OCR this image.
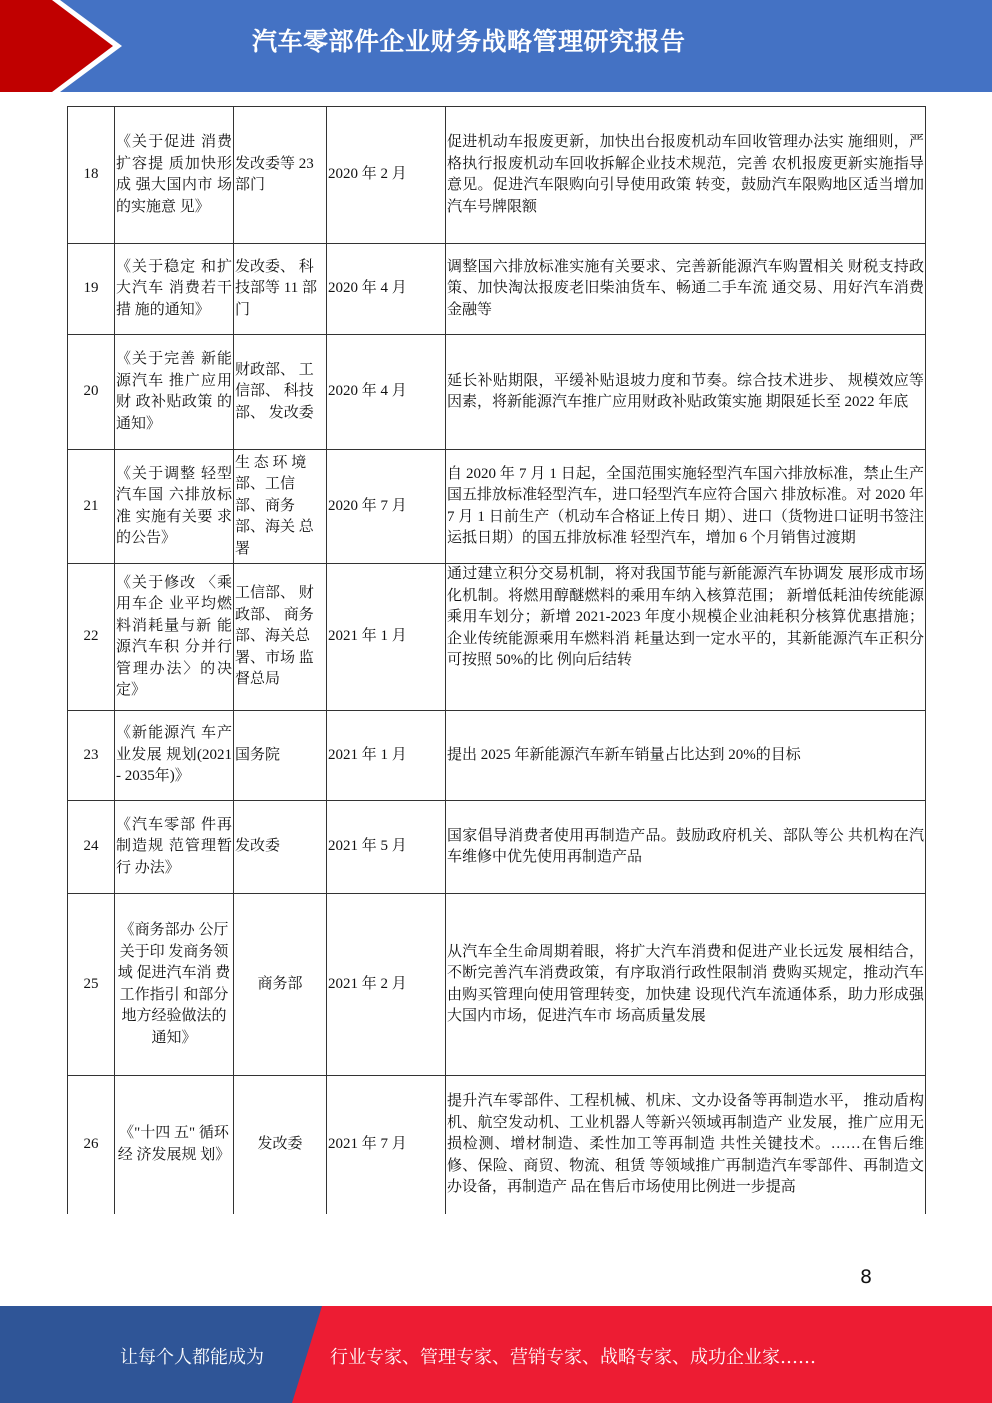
汽车零部件企业财务战略管理研究报告
18	《关于促进 消费扩容提 质加快形成 强大国内市 场的实施意 见》	发改委等 23 部门	2020 年 2 月	促进机动车报废更新，加快出台报废机动车回收管理办法实 施细则，严格执行报废机动车回收拆解企业技术规范，完善 农机报废更新实施指导意见。促进汽车限购向引导使用政策 转变，鼓励汽车限购地区适当增加汽车号牌限额
19	《关于稳定 和扩大汽车 消费若干措 施的通知》	发改委、 科技部等 11 部门	2020 年 4 月	调整国六排放标准实施有关要求、完善新能源汽车购置相关 财税支持政策、加快淘汰报废老旧柴油货车、畅通二手车流 通交易、用好汽车消费金融等
20	《关于完善 新能源汽车 推广应用财 政补贴政策 的通知》	财政部、 工信部、 科技部、 发改委	2020 年 4 月	延长补贴期限，平缓补贴退坡力度和节奏。综合技术进步、 规模效应等因素，将新能源汽车推广应用财政补贴政策实施 期限延长至 2022 年底
21	《关于调整 轻型汽车国 六排放标准 实施有关要 求的公告》	生 态 环 境 部、工信 部、商务 部、海关 总署	2020 年 7 月	自 2020 年 7 月 1 日起，全国范围实施轻型汽车国六排放标准，禁止生产国五排放标准轻型汽车，进口轻型汽车应符合国六 排放标准。对 2020 年 7 月 1 日前生产（机动车合格证上传日 期）、进口（货物进口证明书签注运抵日期）的国五排放标准 轻型汽车，增加 6 个月销售过渡期
22	《关于修改 〈乘用车企 业平均燃料消耗量与新 能源汽车积 分并行管理办法〉的决 定》	工信部、 财政部、 商务部、海关总署、市场 监督总局	2021 年 1 月	通过建立积分交易机制，将对我国节能与新能源汽车协调发 展形成市场化机制。将燃用醇醚燃料的乘用车纳入核算范围； 新增低耗油传统能源乘用车划分；新增 2021-2023 年度小规模企业油耗积分核算优惠措施；企业传统能源乘用车燃料消 耗量达到一定水平的，其新能源汽车正积分可按照 50%的比 例向后结转
23	《新能源汽 车产业发展 规划(2021 - 2035年)》	国务院	2021 年 1 月	提出 2025 年新能源汽车新车销量占比达到 20%的目标
24	《汽车零部 件再制造规 范管理暂行 办法》	发改委	2021 年 5 月	国家倡导消费者使用再制造产品。鼓励政府机关、部队等公 共机构在汽车维修中优先使用再制造产品
25	《商务部办 公厅关于印 发商务领域 促进汽车消 费工作指引 和部分地方经验做法的 通知》	商务部	2021 年 2 月	从汽车全生命周期着眼，将扩大汽车消费和促进产业长远发 展相结合，不断完善汽车消费政策，有序取消行政性限制消 费购买规定，推动汽车由购买管理向使用管理转变，加快建 设现代汽车流通体系，助力形成强大国内市场，促进汽车市 场高质量发展
26	《"十四 五" 循环经 济发展规 划》	发改委	2021 年 7 月	提升汽车零部件、工程机械、机床、文办设备等再制造水平， 推动盾构机、航空发动机、工业机器人等新兴领域再制造产 业发展，推广应用无损检测、增材制造、柔性加工等再制造 共性关键技术。……在售后维修、保险、商贸、物流、租赁 等领域推广再制造汽车零部件、再制造文办设备，再制造产 品在售后市场使用比例进一步提高
8
让每个人都能成为	行业专家、管理专家、营销专家、战略专家、成功企业家……
